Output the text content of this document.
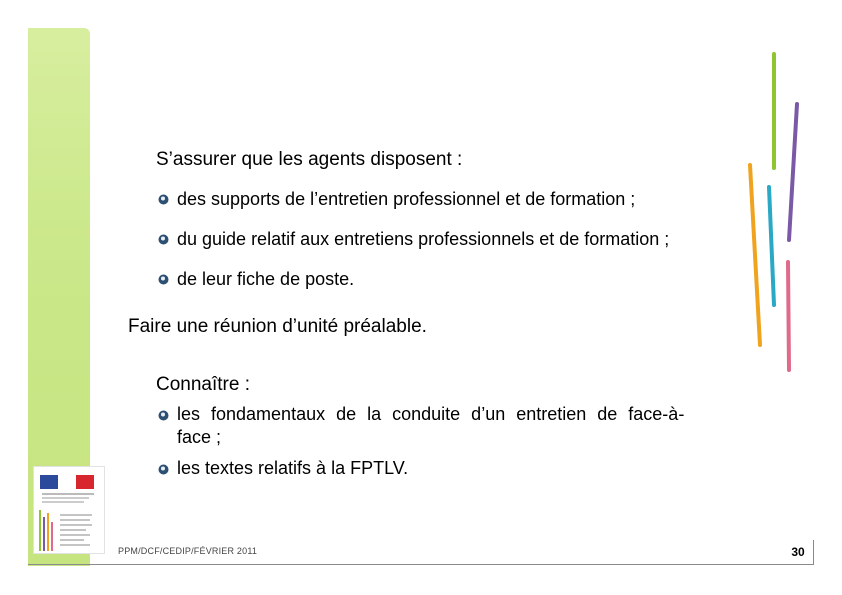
S’assurer que les agents disposent :
des supports de l’entretien professionnel et de formation ;
du guide relatif aux entretiens professionnels et de formation ;
de leur fiche de poste.
Faire une réunion d’unité préalable.
Connaître :
les fondamentaux de la conduite d’un entretien de face-à-
face ;
les textes relatifs à la FPTLV.
PPM/DCF/CEDIP/FÉVRIER 2011	30
